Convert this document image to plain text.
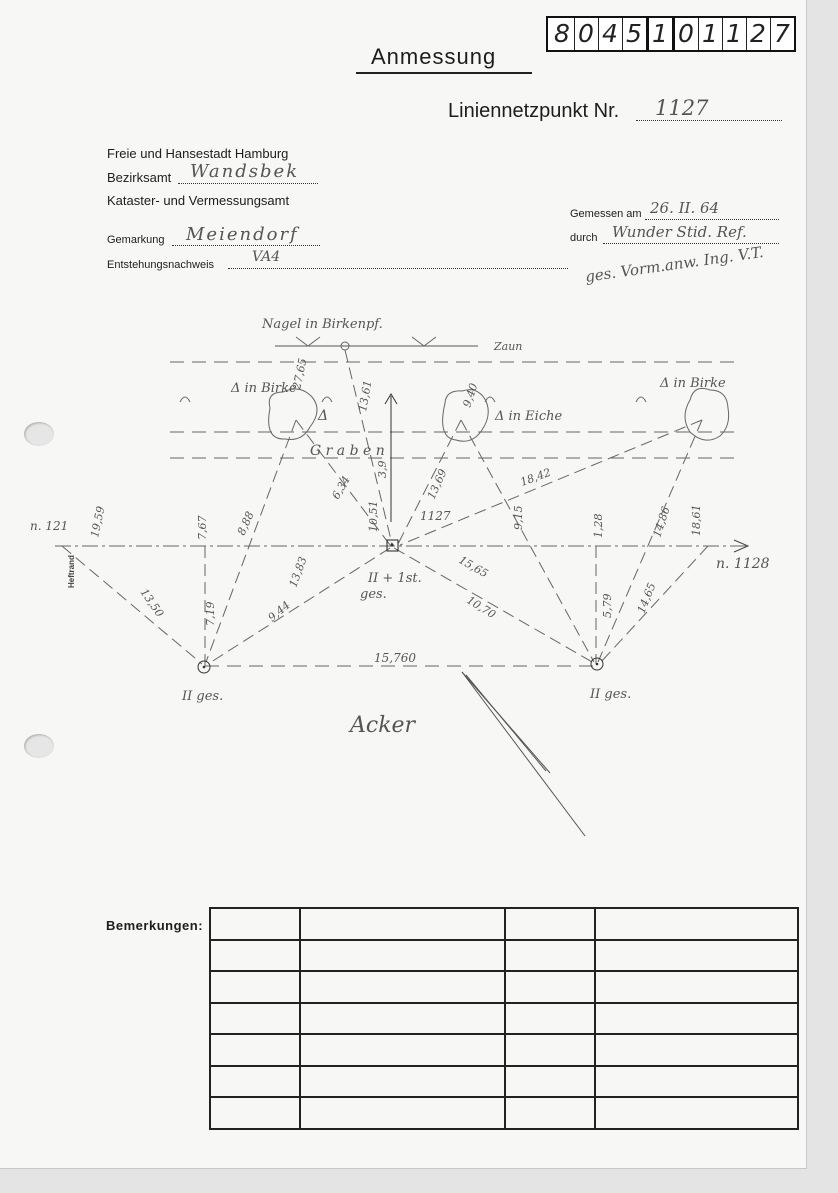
8 0 4 5 1 0 1 1 2 7
Anmessung
Liniennetzpunkt Nr. 1127
Freie und Hansestadt Hamburg
Bezirksamt Wandsbek
Kataster- und Vermessungsamt
Gemarkung Meiendorf
Entstehungsnachweis	VA4
Gemessen am 26. II. 64
durch Wunder Stid. Ref.
ges. Vorm.anw. Ing. V.T.
Nagel in Birkenpf.
Zaun
Δ in Birke	Δ in Birke
Δ in Eiche
Δ
G r a b e n
n. 121
n. 1128
1127
II + 1st.
ges.
II ges.	II ges.
Acker
Heftrand
27,65
13,61	9,40
3,9
6,34	13,69	18,42
9,15
10,51
19,59	7,67 8,88	1,28	14,86 18,61
13,83
13,50	7,19	9,44
15,65
10,70	5,79 14,65
15,760
Bemerkungen:
